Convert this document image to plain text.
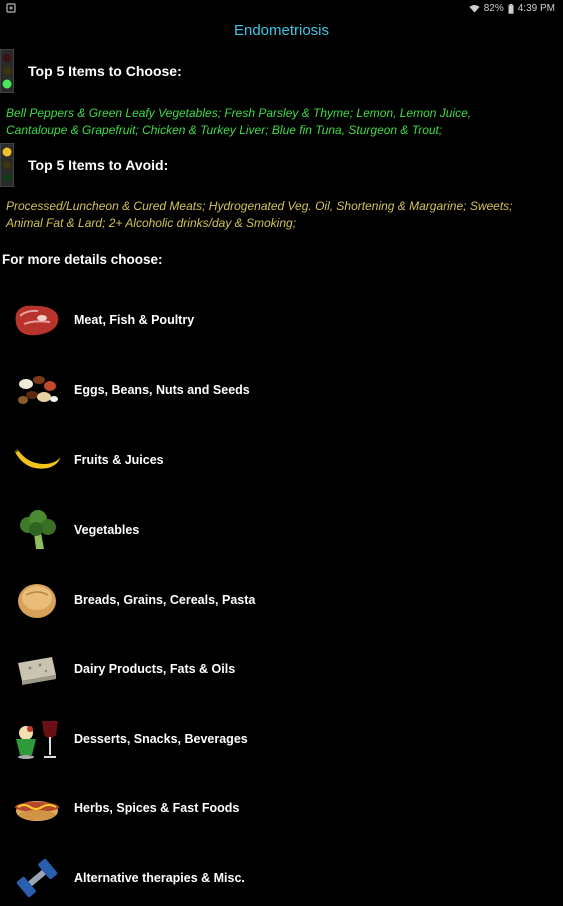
82% 4:39 PM
Endometriosis
Top 5 Items to Choose:
Bell Peppers & Green Leafy Vegetables; Fresh Parsley & Thyme; Lemon, Lemon Juice,
Cantaloupe & Grapefruit; Chicken & Turkey Liver; Blue fin Tuna, Sturgeon & Trout;
Top 5 Items to Avoid:
Processed/Luncheon & Cured Meats; Hydrogenated Veg. Oil, Shortening & Margarine; Sweets;
Animal Fat & Lard; 2+ Alcoholic drinks/day & Smoking;
For more details choose:
Meat, Fish & Poultry
Eggs, Beans, Nuts and Seeds
Fruits & Juices
Vegetables
Breads, Grains, Cereals, Pasta
Dairy Products, Fats & Oils
Desserts, Snacks, Beverages
Herbs, Spices & Fast Foods
Alternative therapies & Misc.
